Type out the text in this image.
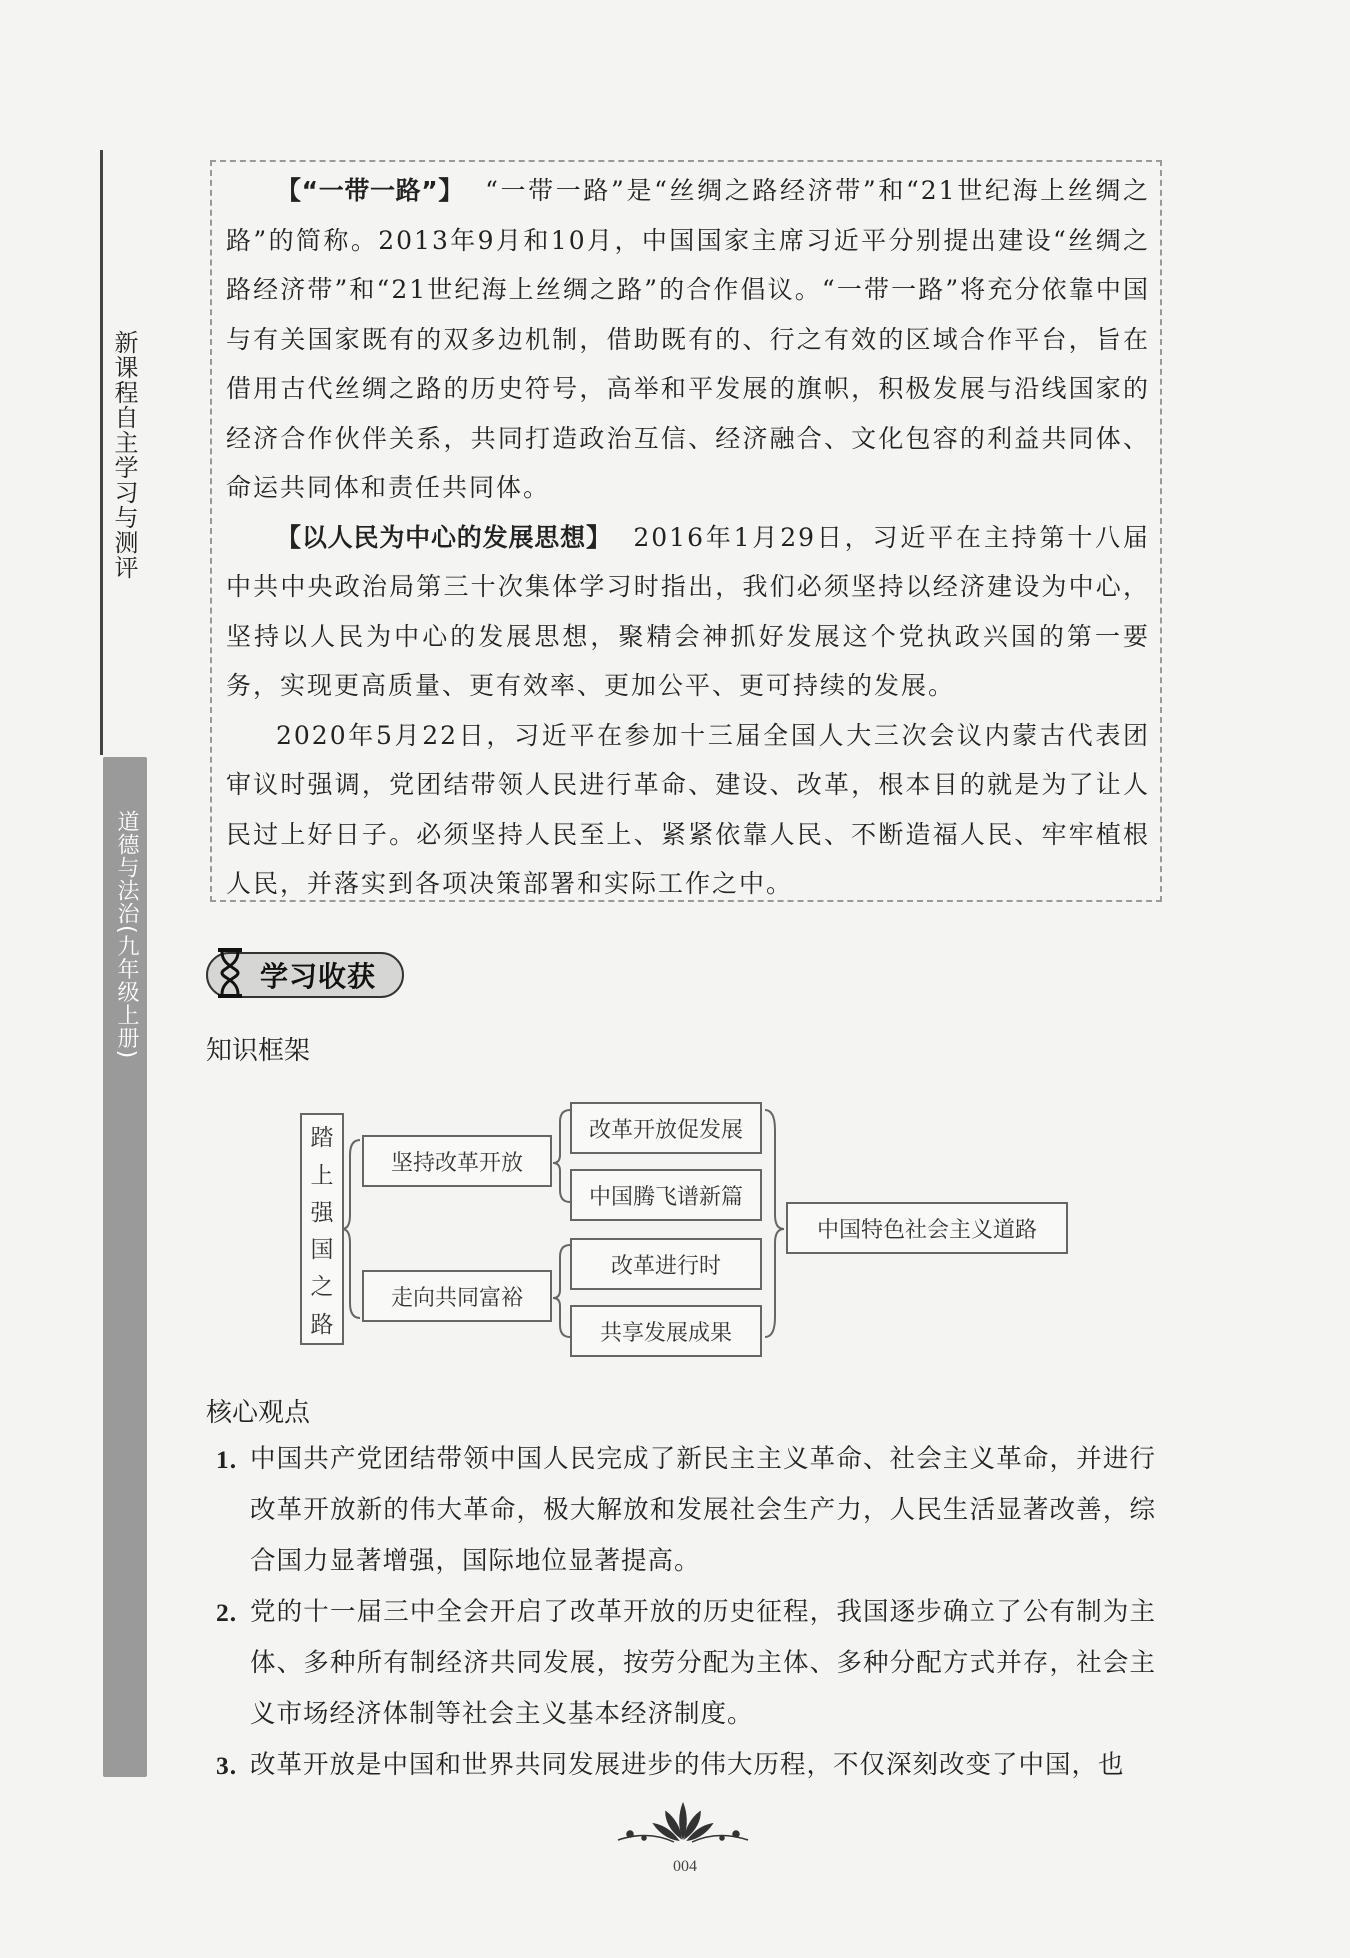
新课程自主学习与测评
道德与法治(九年级上册)

【“一带一路”】 “一带一路”是“丝绸之路经济带”和“21世纪海上丝绸之路”的简称。2013年9月和10月，中国国家主席习近平分别提出建设“丝绸之路经济带”和“21世纪海上丝绸之路”的合作倡议。“一带一路”将充分依靠中国与有关国家既有的双多边机制，借助既有的、行之有效的区域合作平台，旨在借用古代丝绸之路的历史符号，高举和平发展的旗帜，积极发展与沿线国家的经济合作伙伴关系，共同打造政治互信、经济融合、文化包容的利益共同体、命运共同体和责任共同体。

【以人民为中心的发展思想】 2016年1月29日，习近平在主持第十八届中共中央政治局第三十次集体学习时指出，我们必须坚持以经济建设为中心，坚持以人民为中心的发展思想，聚精会神抓好发展这个党执政兴国的第一要务，实现更高质量、更有效率、更加公平、更可持续的发展。

2020年5月22日，习近平在参加十三届全国人大三次会议内蒙古代表团审议时强调，党团结带领人民进行革命、建设、改革，根本目的就是为了让人民过上好日子。必须坚持人民至上、紧紧依靠人民、不断造福人民、牢牢植根人民，并落实到各项决策部署和实际工作之中。

学习收获
知识框架
踏
上
强
国
之
路
坚持改革开放
走向共同富裕
改革开放促发展
中国腾飞谱新篇
改革进行时
共享发展成果
中国特色社会主义道路
核心观点
1. 中国共产党团结带领中国人民完成了新民主主义革命、社会主义革命，并进行改革开放新的伟大革命，极大解放和发展社会生产力，人民生活显著改善，综合国力显著增强，国际地位显著提高。
2. 党的十一届三中全会开启了改革开放的历史征程，我国逐步确立了公有制为主体、多种所有制经济共同发展，按劳分配为主体、多种分配方式并存，社会主义市场经济体制等社会主义基本经济制度。
3. 改革开放是中国和世界共同发展进步的伟大历程，不仅深刻改变了中国，也
004
